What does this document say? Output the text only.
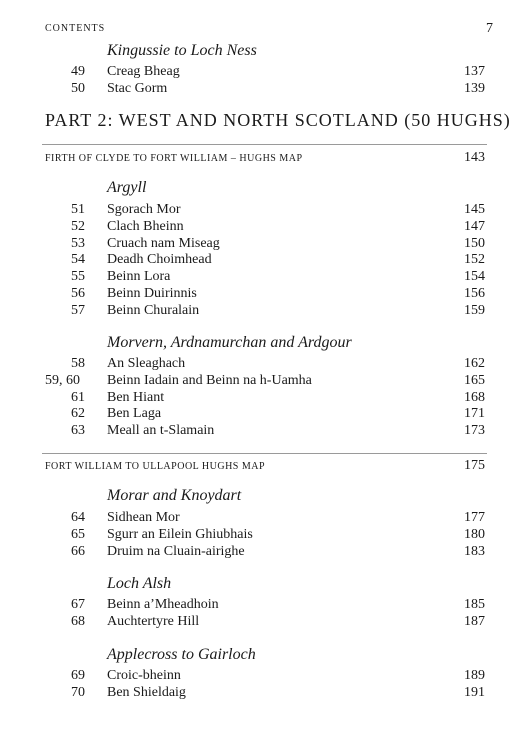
CONTENTS	7
Kingussie to Loch Ness
49 Creag Bheag	137
50 Stac Gorm	139
PART 2: WEST AND NORTH SCOTLAND (50 HUGHS)
FIRTH OF CLYDE TO FORT WILLIAM – HUGHS MAP	143
Argyll
51 Sgorach Mor	145
52 Clach Bheinn	147
53 Cruach nam Miseag	150
54 Deadh Choimhead	152
55 Beinn Lora	154
56 Beinn Duirinnis	156
57 Beinn Churalain	159
Morvern, Ardnamurchan and Ardgour
58 An Sleaghach	162
59, 60 Beinn Iadain and Beinn na h-Uamha	165
61 Ben Hiant	168
62 Ben Laga	171
63 Meall an t-Slamain	173
FORT WILLIAM TO ULLAPOOL HUGHS MAP	175
Morar and Knoydart
64 Sidhean Mor	177
65 Sgurr an Eilein Ghiubhais	180
66 Druim na Cluain-airighe	183
Loch Alsh
67 Beinn a’Mheadhoin	185
68 Auchtertyre Hill	187
Applecross to Gairloch
69 Croic-bheinn	189
70 Ben Shieldaig	191
